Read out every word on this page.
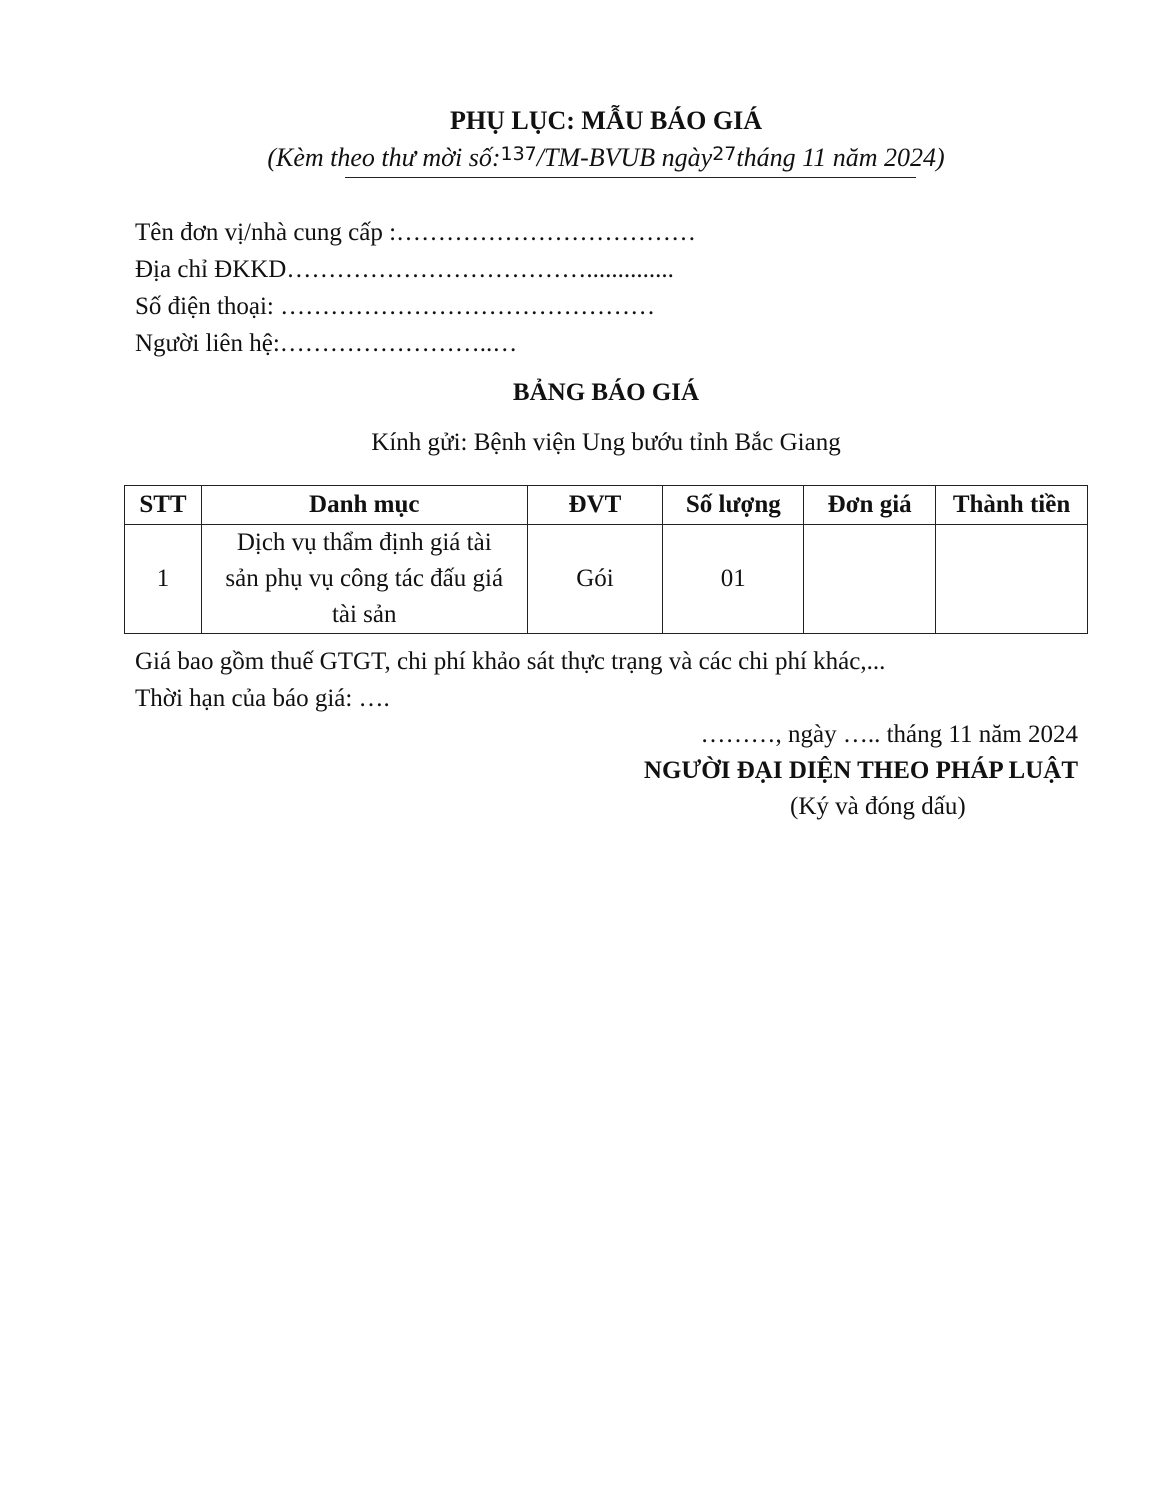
PHỤ LỤC: MẪU BÁO GIÁ
(Kèm theo thư mời số:$^{137}$/TM-BVUB ngày$^{27}$tháng 11 năm 2024)
Tên đơn vị/nhà cung cấp :………………………………
Địa chỉ ĐKKD………………………………..............
Số điện thoại: ………………………………………
Người liên hệ:……………………..…
BẢNG BÁO GIÁ
Kính gửi: Bệnh viện Ung bướu tỉnh Bắc Giang
STT	Danh mục	ĐVT	Số lượng	Đơn giá	Thành tiền
1	Dịch vụ thẩm định giá tài
sản phụ vụ công tác đấu giá
tài sản	Gói	01		
Giá bao gồm thuế GTGT, chi phí khảo sát thực trạng và các chi phí khác,...
Thời hạn của báo giá: ….
………, ngày ….. tháng 11 năm 2024
NGƯỜI ĐẠI DIỆN THEO PHÁP LUẬT
(Ký và đóng dấu)
